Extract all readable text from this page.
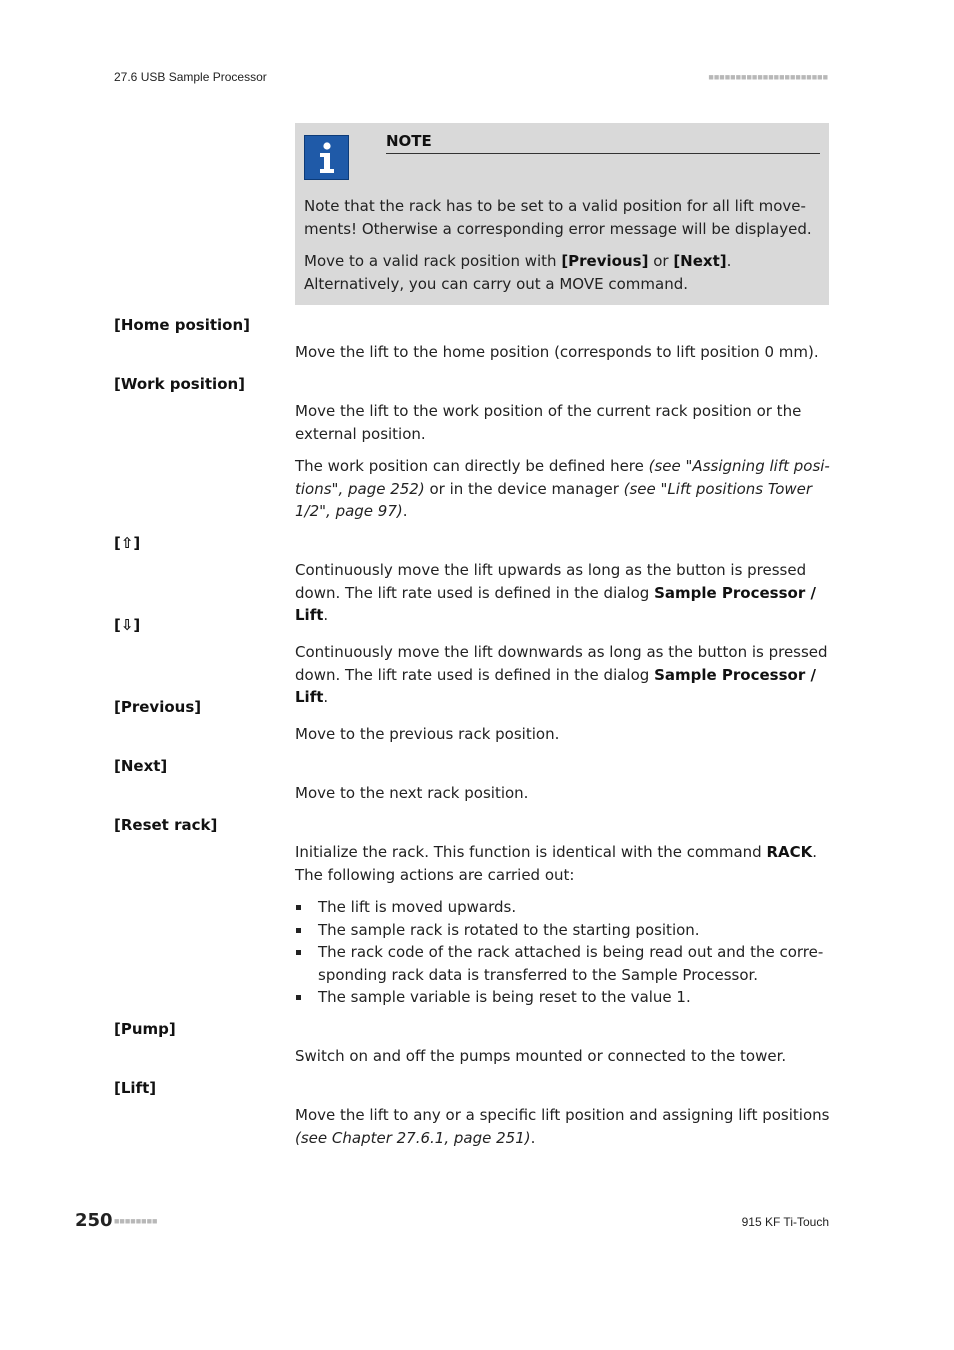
27.6 USB Sample Processor	■■■■■■■■■■■■■■■■■■■■■■
NOTE

Note that the rack has to be set to a valid position for all lift move-ments! Otherwise a corresponding error message will be displayed.

Move to a valid rack position with [Previous] or [Next]. Alternatively, you can carry out a MOVE command.

[Home position]

Move the lift to the home position (corresponds to lift position 0 mm).

[Work position]

Move the lift to the work position of the current rack position or the external position.

The work position can directly be defined here (see "Assigning lift posi-tions", page 252) or in the device manager (see "Lift positions Tower 1/2", page 97).

[⇧]

Continuously move the lift upwards as long as the button is pressed down. The lift rate used is defined in the dialog Sample Processor / Lift.

[⇩]

Continuously move the lift downwards as long as the button is pressed down. The lift rate used is defined in the dialog Sample Processor / Lift.

[Previous]

Move to the previous rack position.

[Next]

Move to the next rack position.

[Reset rack]

Initialize the rack. This function is identical with the command RACK. The following actions are carried out:

The lift is moved upwards.
The sample rack is rotated to the starting position.
The rack code of the rack attached is being read out and the corre-sponding rack data is transferred to the Sample Processor.
The sample variable is being reset to the value 1.
[Pump]

Switch on and off the pumps mounted or connected to the tower.

[Lift]

Move the lift to any or a specific lift position and assigning lift positions (see Chapter 27.6.1, page 251).

250 ■■■■■■■■	915 KF Ti-Touch
